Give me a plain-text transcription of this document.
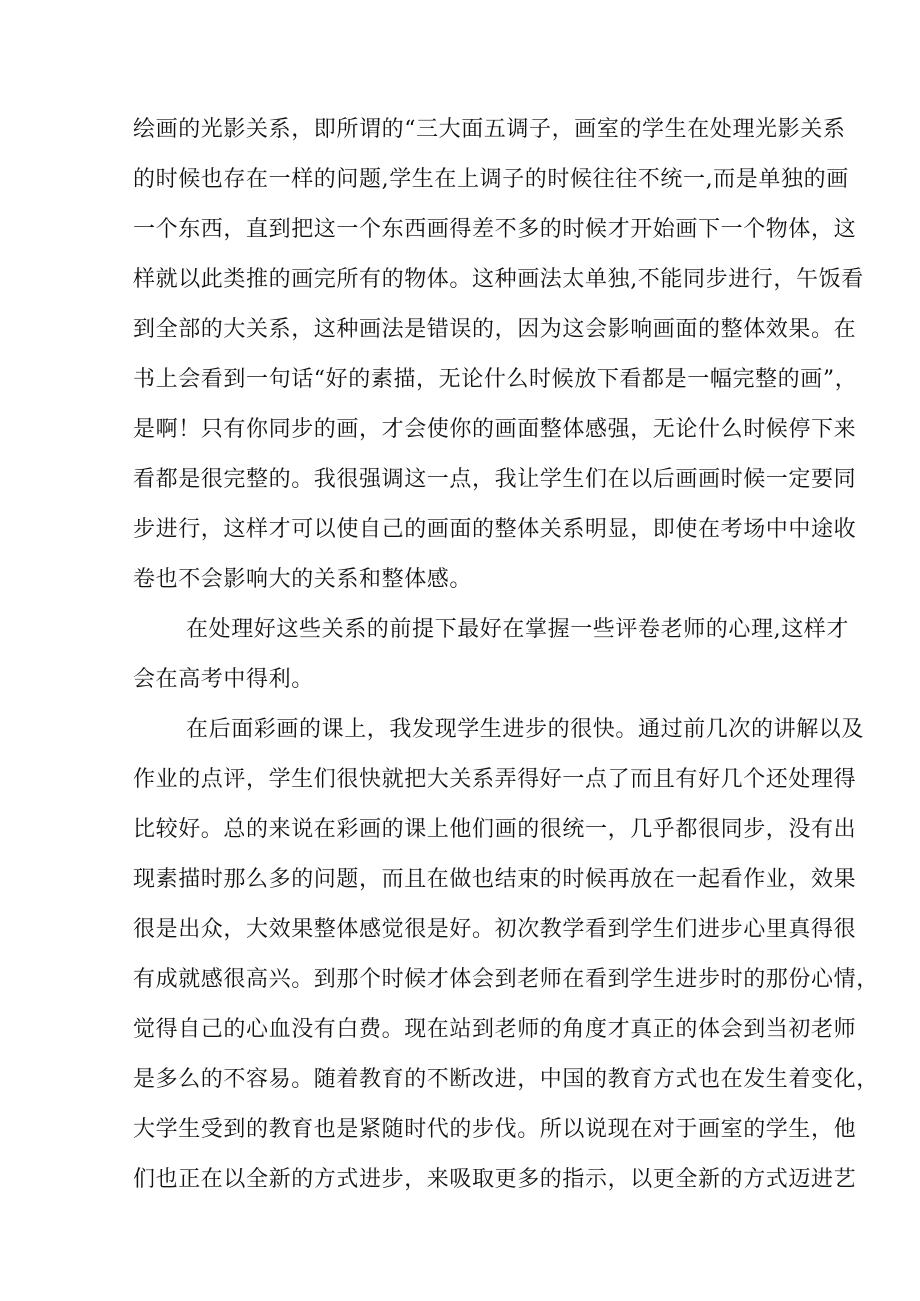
绘画的光影关系，即所谓的“三大面五调子，画室的学生在处理光影关系
的时候也存在一样的问题,学生在上调子的时候往往不统一,而是单独的画
一个东西，直到把这一个东西画得差不多的时候才开始画下一个物体，这
样就以此类推的画完所有的物体。这种画法太单独,不能同步进行，午饭看
到全部的大关系，这种画法是错误的，因为这会影响画面的整体效果。在
书上会看到一句话“好的素描，无论什么时候放下看都是一幅完整的画”，
是啊！只有你同步的画，才会使你的画面整体感强，无论什么时候停下来
看都是很完整的。我很强调这一点，我让学生们在以后画画时候一定要同
步进行，这样才可以使自己的画面的整体关系明显，即使在考场中中途收
卷也不会影响大的关系和整体感。
在处理好这些关系的前提下最好在掌握一些评卷老师的心理,这样才
会在高考中得利。
在后面彩画的课上，我发现学生进步的很快。通过前几次的讲解以及
作业的点评，学生们很快就把大关系弄得好一点了而且有好几个还处理得
比较好。总的来说在彩画的课上他们画的很统一，几乎都很同步，没有出
现素描时那么多的问题，而且在做也结束的时候再放在一起看作业，效果
很是出众，大效果整体感觉很是好。初次教学看到学生们进步心里真得很
有成就感很高兴。到那个时候才体会到老师在看到学生进步时的那份心情，
觉得自己的心血没有白费。现在站到老师的角度才真正的体会到当初老师
是多么的不容易。随着教育的不断改进，中国的教育方式也在发生着变化，
大学生受到的教育也是紧随时代的步伐。所以说现在对于画室的学生，他
们也正在以全新的方式进步，来吸取更多的指示，以更全新的方式迈进艺
